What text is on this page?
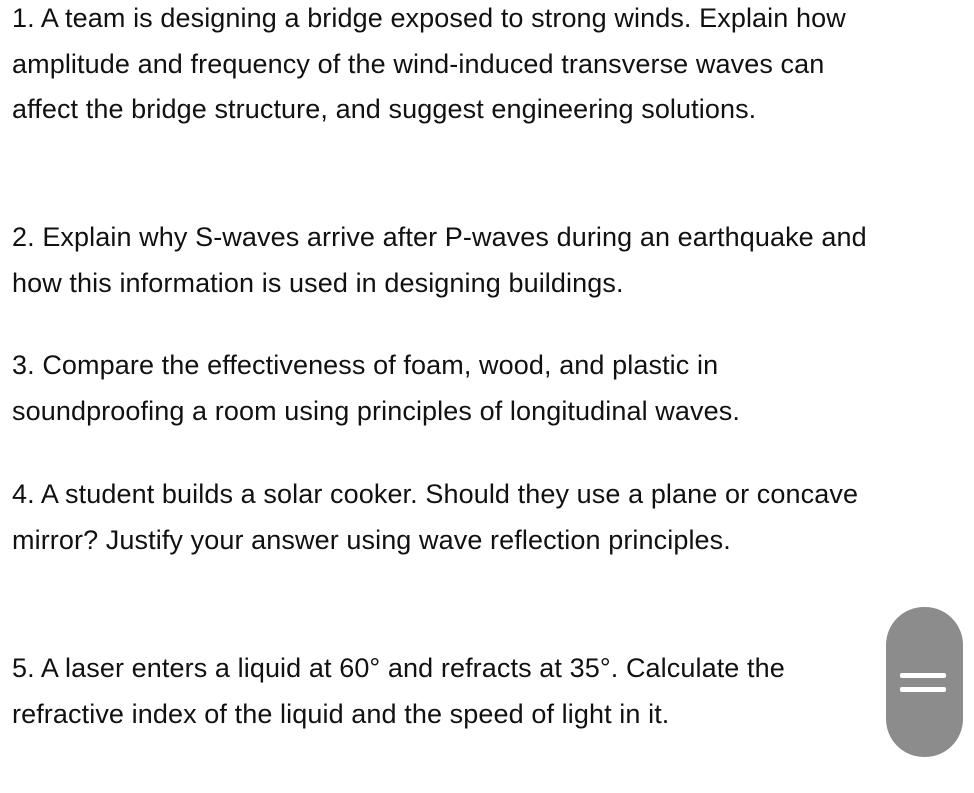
1. A team is designing a bridge exposed to strong winds. Explain how amplitude and frequency of the wind-induced transverse waves can affect the bridge structure, and suggest engineering solutions.

2. Explain why S-waves arrive after P-waves during an earthquake and how this information is used in designing buildings.

3. Compare the effectiveness of foam, wood, and plastic in soundproofing a room using principles of longitudinal waves.

4. A student builds a solar cooker. Should they use a plane or concave mirror? Justify your answer using wave reflection principles.

5. A laser enters a liquid at 60° and refracts at 35°. Calculate the refractive index of the liquid and the speed of light in it.
